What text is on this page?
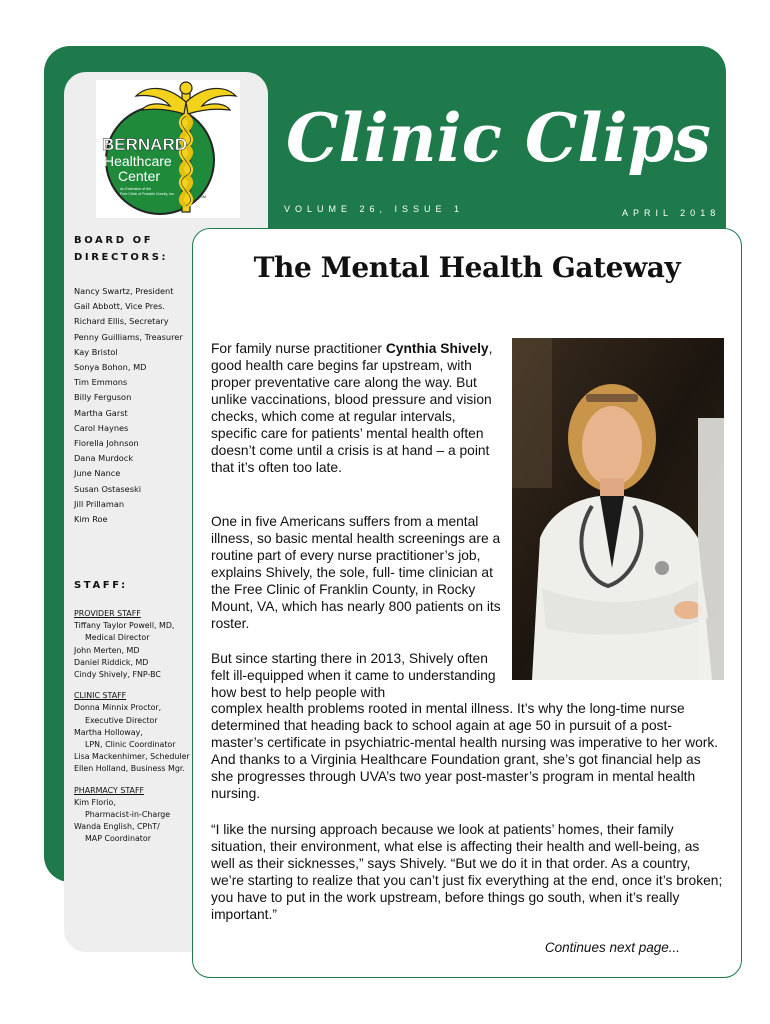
BERNARD
Healthcare
Center
An Extension of the
Free Clinic of Franklin County, Inc.	SM
Clinic Clips
VOLUME 26, ISSUE 1	APRIL 2018
BOARD OF
DIRECTORS:
Nancy Swartz, President
Gail Abbott, Vice Pres.
Richard Ellis, Secretary
Penny Guilliams, Treasurer
Kay Bristol
Sonya Bohon, MD
Tim Emmons
Billy Ferguson
Martha Garst
Carol Haynes
Florella Johnson
Dana Murdock
June Nance
Susan Ostaseski
Jill Prillaman
Kim Roe
STAFF:
PROVIDER STAFF
Tiffany Taylor Powell, MD,
Medical Director
John Merten, MD
Daniel Riddick, MD
Cindy Shively, FNP-BC
CLINIC STAFF
Donna Minnix Proctor,
Executive Director
Martha Holloway,
LPN, Clinic Coordinator
Lisa Mackenhimer, Scheduler
Ellen Holland, Business Mgr.
PHARMACY STAFF
Kim Florio,
Pharmacist-in-Charge
Wanda English, CPhT/
MAP Coordinator
The Mental Health Gateway
For family nurse practitioner Cynthia Shively, good health care begins far upstream, with proper preventative care along the way. But unlike vaccinations, blood pressure and vision checks, which come at regular intervals, specific care for patients’ mental health often doesn’t come until a crisis is at hand – a point that it’s often too late.
One in five Americans suffers from a mental illness, so basic mental health screenings are a routine part of every nurse practitioner’s job, explains Shively, the sole, full- time clinician at the Free Clinic of Franklin County, in Rocky Mount, VA, which has nearly 800 patients on its roster.
But since starting there in 2013, Shively often felt ill-equipped when it came to understanding how best to help people with
complex health problems rooted in mental illness. It’s why the long-time nurse determined that heading back to school again at age 50 in pursuit of a post-master’s certificate in psychiatric-mental health nursing was imperative to her work. And thanks to a Virginia Healthcare Foundation grant, she’s got financial help as she progresses through UVA’s two year post-master’s program in mental health nursing.
“I like the nursing approach because we look at patients’ homes, their family situation, their environment, what else is affecting their health and well-being, as well as their sicknesses,” says Shively. “But we do it in that order. As a country, we’re starting to realize that you can’t just fix everything at the end, once it’s broken; you have to put in the work upstream, before things go south, when it’s really important.”
Continues next page...
